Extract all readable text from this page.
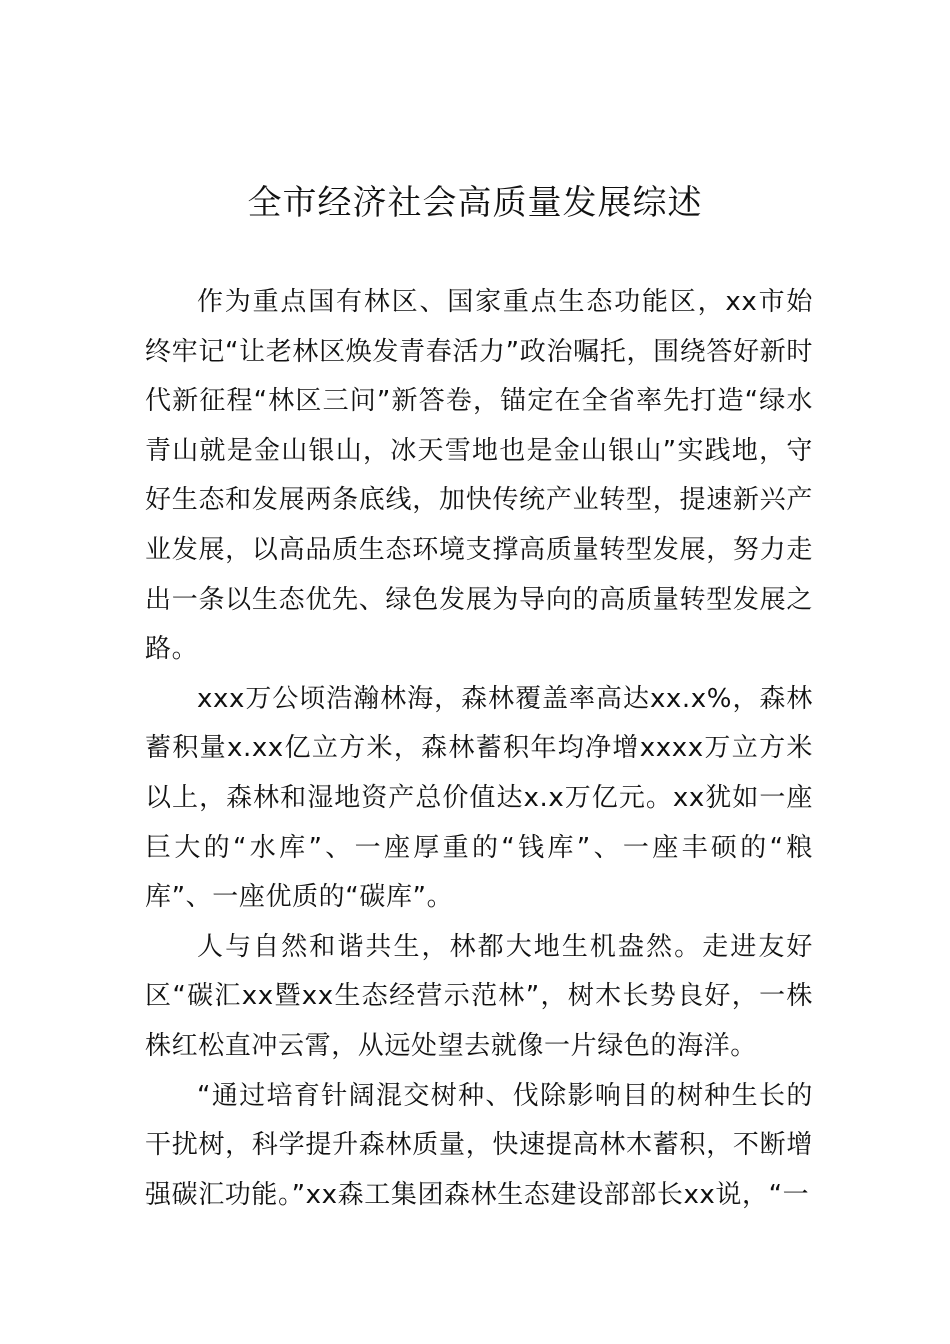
全市经济社会高质量发展综述

作为重点国有林区、国家重点生态功能区，xx市始终牢记“让老林区焕发青春活力”政治嘱托，围绕答好新时代新征程“林区三问”新答卷，锚定在全省率先打造“绿水青山就是金山银山，冰天雪地也是金山银山”实践地，守好生态和发展两条底线，加快传统产业转型，提速新兴产业发展，以高品质生态环境支撑高质量转型发展，努力走出一条以生态优先、绿色发展为导向的高质量转型发展之路。

xxx万公顷浩瀚林海，森林覆盖率高达xx.x%，森林蓄积量x.xx亿立方米，森林蓄积年均净增xxxx万立方米以上，森林和湿地资产总价值达x.x万亿元。xx犹如一座巨大的“水库”、一座厚重的“钱库”、一座丰硕的“粮库”、一座优质的“碳库”。

人与自然和谐共生，林都大地生机盎然。走进友好区“碳汇xx暨xx生态经营示范林”，树木长势良好，一株株红松直冲云霄，从远处望去就像一片绿色的海洋。

“通过培育针阔混交树种、伐除影响目的树种生长的干扰树，科学提升森林质量，快速提高林木蓄积，不断增强碳汇功能。”xx森工集团森林生态建设部部长xx说，“一
